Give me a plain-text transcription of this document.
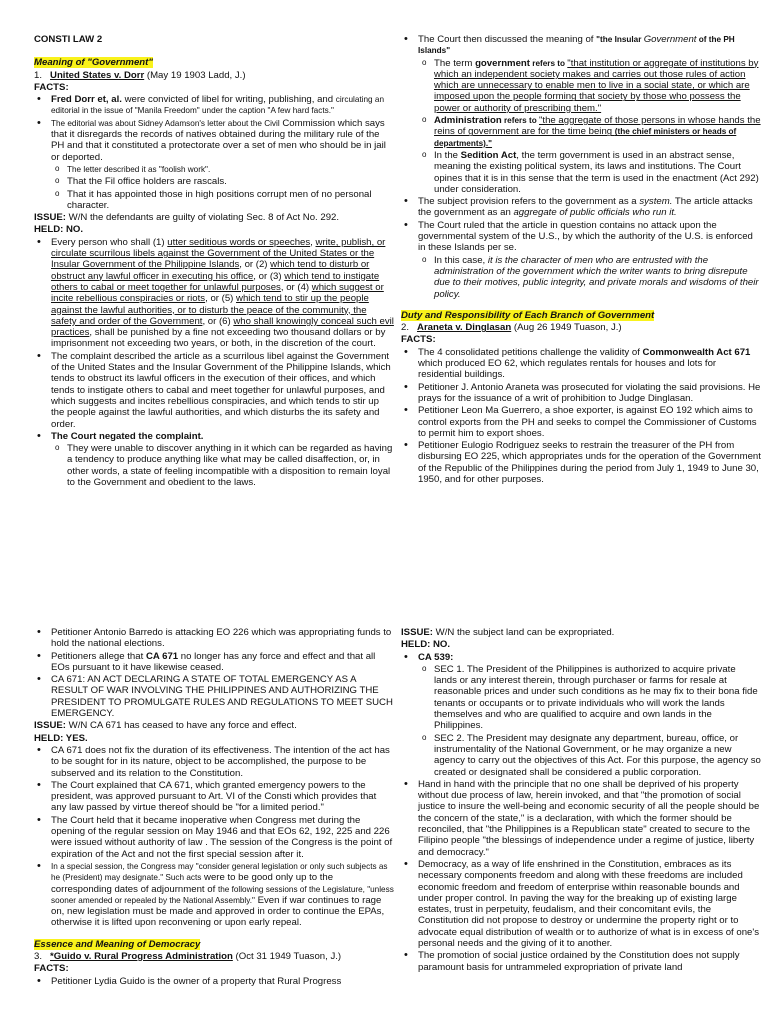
CONSTI LAW 2

Meaning of "Government"

1. United States v. Dorr (May 19 1903 Ladd, J.)

FACTS:

• Fred Dorr et, al. were convicted of libel for writing, publishing, and circulating an editorial in the issue of "Manila Freedom" under the caption "A few hard facts."
• The editorial was about Sidney Adamson's letter about the Civil Commission which says that it disregards the records of natives obtained during the military rule of the PH and that it constituted a protectorate over a set of men who should be in jail or deported.
o The letter described it as "foolish work".
o That the Fil office holders are rascals.
o That it has appointed those in high positions corrupt men of no personal character.

ISSUE: W/N the defendants are guilty of violating Sec. 8 of Act No. 292.

HELD: NO.

• Every person who shall (1) utter seditious words or speeches, write, publish, or circulate scurrilous libels against the Government of the United States or the Insular Government of the Philippine Islands, or (2) which tend to disturb or obstruct any lawful officer in executing his office, or (3) which tend to instigate others to cabal or meet together for unlawful purposes, or (4) which suggest or incite rebellious conspiracies or riots, or (5) which tend to stir up the people against the lawful authorities, or to disturb the peace of the community, the safety and order of the Government, or (6) who shall knowingly conceal such evil practices, shall be punished by a fine not exceeding two thousand dollars or by imprisonment not exceeding two years, or both, in the discretion of the court.
• The complaint described the article as a scurrilous libel against the Government of the United States and the Insular Government of the Philippine Islands, which tends to obstruct its lawful officers in the execution of their offices, and which tends to instigate others to cabal and meet together for unlawful purposes, and which suggests and incites rebellious conspiracies, and which tends to stir up the people against the lawful authorities, and which disturbs the its safety and order.
• The Court negated the complaint.
o They were unable to discover anything in it which can be regarded as having a tendency to produce anything like what may be called disaffection, or, in other words, a state of feeling incompatible with a disposition to remain loyal to the Government and obedient to the laws.
• The Court then discussed the meaning of "the Insular Government of the PH Islands"
o The term government refers to "that institution or aggregate of institutions by which an independent society makes and carries out those rules of action which are unnecessary to enable men to live in a social state, or which are imposed upon the people forming that society by those who possess the power or authority of prescribing them."
o Administration refers to "the aggregate of those persons in whose hands the reins of government are for the time being (the chief ministers or heads of departments)."
o In the Sedition Act, the term government is used in an abstract sense, meaning the existing political system, its laws and institutions. The Court opines that it is in this sense that the term is used in the enactment (Act 292) under consideration.
• The subject provision refers to the government as a system. The article attacks the government as an aggregate of public officials who run it.
• The Court ruled that the article in question contains no attack upon the governmental system of the U.S., by which the authority of the U.S. is enforced in these Islands per se.
o In this case, it is the character of men who are entrusted with the administration of the government which the writer wants to bring disrepute due to their motives, public integrity, and private morals and wisdoms of their policy.

Duty and Responsibility of Each Branch of Government

2. Araneta v. Dinglasan (Aug 26 1949 Tuason, J.)

FACTS:

• The 4 consolidated petitions challenge the validity of Commonwealth Act 671 which produced EO 62, which regulates rentals for houses and lots for residential buildings.
• Petitioner J. Antonio Araneta was prosecuted for violating the said provisions. He prays for the issuance of a writ of prohibition to Judge Dinglasan.
• Petitioner Leon Ma Guerrero, a shoe exporter, is against EO 192 which aims to control exports from the PH and seeks to compel the Commissioner of Customs to permit him to export shoes.
• Petitioner Eulogio Rodriguez seeks to restrain the treasurer of the PH from disbursing EO 225, which appropriates unds for the operation of the Government of the Republic of the Philippines during the period from July 1, 1949 to June 30, 1950, and for other purposes.
• Petitioner Antonio Barredo is attacking EO 226 which was appropriating funds to hold the national elections.
• Petitioners allege that CA 671 no longer has any force and effect and that all EOs pursuant to it have likewise ceased.
• CA 671: AN ACT DECLARING A STATE OF TOTAL EMERGENCY AS A RESULT OF WAR INVOLVING THE PHILIPPINES AND AUTHORIZING THE PRESIDENT TO PROMULGATE RULES AND REGULATIONS TO MEET SUCH EMERGENCY.

ISSUE: W/N CA 671 has ceased to have any force and effect.

HELD: YES.

• CA 671 does not fix the duration of its effectiveness. The intention of the act has to be sought for in its nature, object to be accomplished, the purpose to be subserved and its relation to the Constitution.
• The Court explained that CA 671, which granted emergency powers to the president, was approved pursuant to Art. VI of the Consti which provides that any law passed by virtue thereof should be "for a limited period."
• The Court held that it became inoperative when Congress met during the opening of the regular session on May 1946 and that EOs 62, 192, 225 and 226 were issued without authority of law . The session of the Congress is the point of expiration of the Act and not the first special session after it.
• In a special session, the Congress may "consider general legislation or only such subjects as he (President) may designate." Such acts were to be good only up to the corresponding dates of adjournment of the following sessions of the Legislature, "unless sooner amended or repealed by the National Assembly." Even if war continues to rage on, new legislation must be made and approved in order to continue the EPAs, otherwise it is lifted upon reconvening or upon early repeal.

Essence and Meaning of Democracy

3. *Guido v. Rural Progress Administration (Oct 31 1949 Tuason, J.)

FACTS:

• Petitioner Lydia Guido is the owner of a property that Rural Progress

ISSUE: W/N the subject land can be expropriated.

HELD: NO.

• CA 539:
o SEC 1. The President of the Philippines is authorized to acquire private lands or any interest therein, through purchaser or farms for resale at reasonable prices and under such conditions as he may fix to their bona fide tenants or occupants or to private individuals who will work the lands themselves and who are qualified to acquire and own lands in the Philippines.
o SEC 2. The President may designate any department, bureau, office, or instrumentality of the National Government, or he may organize a new agency to carry out the objectives of this Act. For this purpose, the agency so created or designated shall be considered a public corporation.
• Hand in hand with the principle that no one shall be deprived of his property without due process of law, herein invoked, and that "the promotion of social justice to insure the well-being and economic security of all the people should be the concern of the state," is a declaration, with which the former should be reconciled, that "the Philippines is a Republican state" created to secure to the Filipino people "the blessings of independence under a regime of justice, liberty and democracy."
• Democracy, as a way of life enshrined in the Constitution, embraces as its necessary components freedom and along with these freedoms are included economic freedom and freedom of enterprise within reasonable bounds and under proper control. In paving the way for the breaking up of existing large estates, trust in perpetuity, feudalism, and their concomitant evils, the Constitution did not propose to destroy or undermine the property right or to advocate equal distribution of wealth or to authorize of what is in excess of one's personal needs and the giving of it to another.
• The promotion of social justice ordained by the Constitution does not supply paramount basis for untrammeled expropriation of private land
